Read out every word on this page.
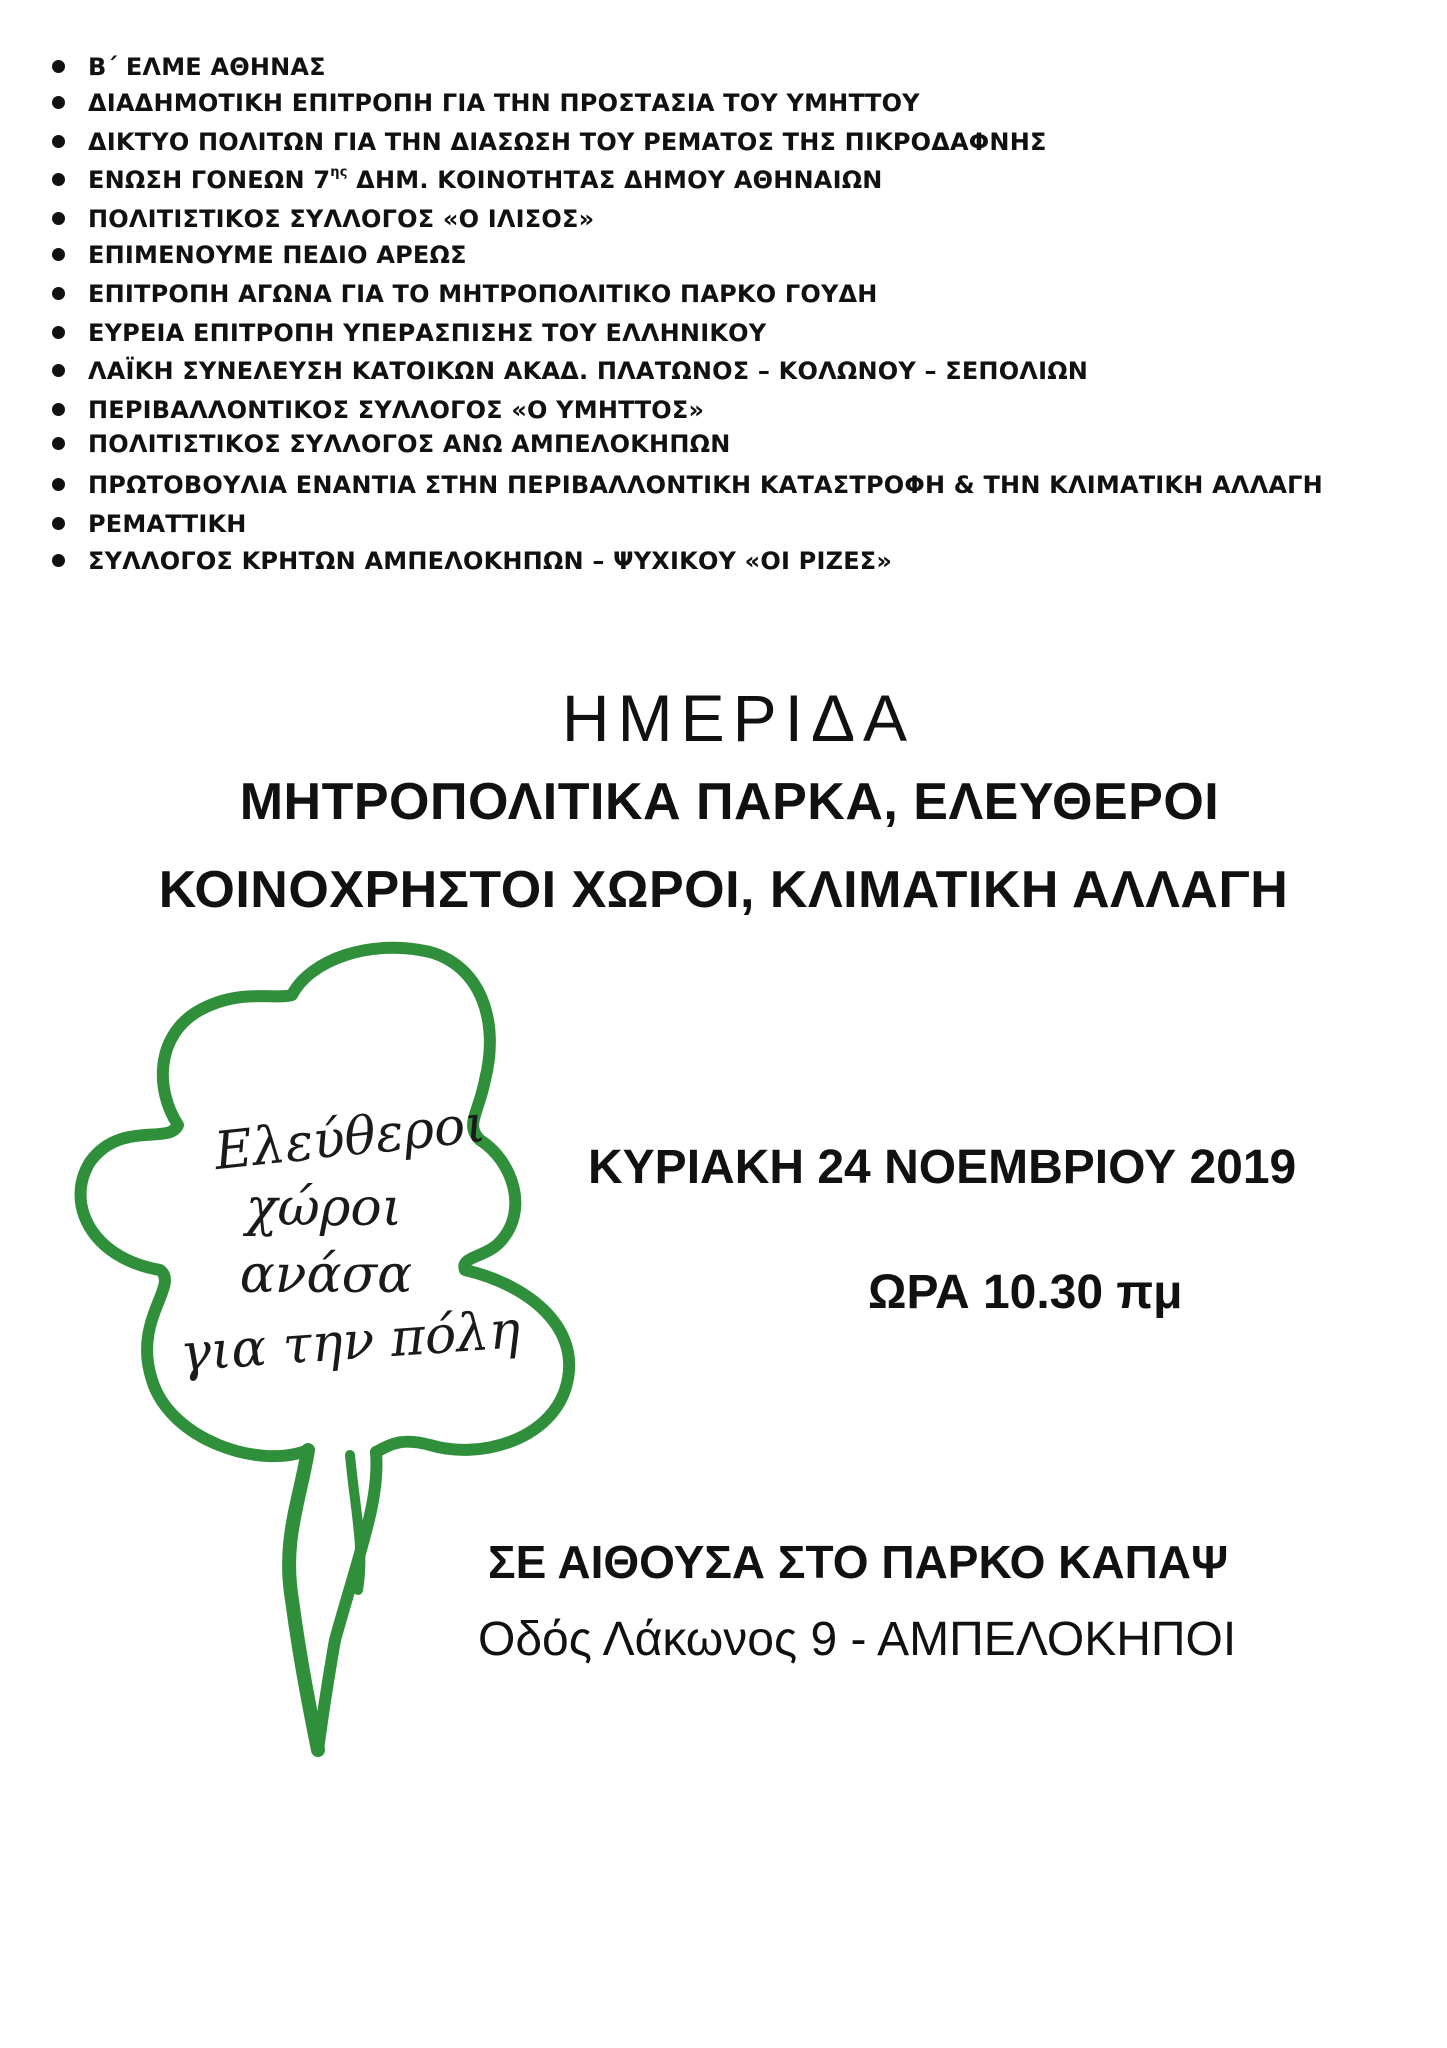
Β΄ ΕΛΜΕ ΑΘΗΝΑΣ
ΔΙΑΔΗΜΟΤΙΚΗ ΕΠΙΤΡΟΠΗ ΓΙΑ ΤΗΝ ΠΡΟΣΤΑΣΙΑ ΤΟΥ ΥΜΗΤΤΟΥ
ΔΙΚΤΥΟ ΠΟΛΙΤΩΝ ΓΙΑ ΤΗΝ ΔΙΑΣΩΣΗ ΤΟΥ ΡΕΜΑΤΟΣ ΤΗΣ ΠΙΚΡΟΔΑΦΝΗΣ
ΕΝΩΣΗ ΓΟΝΕΩΝ $7^{\eta\varsigma}$ ΔΗΜ. ΚΟΙΝΟΤΗΤΑΣ ΔΗΜΟΥ ΑΘΗΝΑΙΩΝ
ΠΟΛΙΤΙΣΤΙΚΟΣ ΣΥΛΛΟΓΟΣ «Ο ΙΛΙΣΟΣ»
ΕΠΙΜΕΝΟΥΜΕ ΠΕΔΙΟ ΑΡΕΩΣ
ΕΠΙΤΡΟΠΗ ΑΓΩΝΑ ΓΙΑ ΤΟ ΜΗΤΡΟΠΟΛΙΤΙΚΟ ΠΑΡΚΟ ΓΟΥΔΗ
ΕΥΡΕΙΑ ΕΠΙΤΡΟΠΗ ΥΠΕΡΑΣΠΙΣΗΣ ΤΟΥ ΕΛΛΗΝΙΚΟΥ
ΛΑΪΚΗ ΣΥΝΕΛΕΥΣΗ ΚΑΤΟΙΚΩΝ ΑΚΑΔ. ΠΛΑΤΩΝΟΣ – ΚΟΛΩΝΟΥ – ΣΕΠΟΛΙΩΝ
ΠΕΡΙΒΑΛΛΟΝΤΙΚΟΣ ΣΥΛΛΟΓΟΣ «Ο ΥΜΗΤΤΟΣ»
ΠΟΛΙΤΙΣΤΙΚΟΣ ΣΥΛΛΟΓΟΣ ΑΝΩ ΑΜΠΕΛΟΚΗΠΩΝ
ΠΡΩΤΟΒΟΥΛΙΑ ΕΝΑΝΤΙΑ ΣΤΗΝ ΠΕΡΙΒΑΛΛΟΝΤΙΚΗ ΚΑΤΑΣΤΡΟΦΗ & ΤΗΝ ΚΛΙΜΑΤΙΚΗ ΑΛΛΑΓΗ
ΡΕΜΑΤΤΙΚΗ
ΣΥΛΛΟΓΟΣ ΚΡΗΤΩΝ ΑΜΠΕΛΟΚΗΠΩΝ – ΨΥΧΙΚΟΥ «ΟΙ ΡΙΖΕΣ»
ΗΜΕΡΙΔΑ
ΜΗΤΡΟΠΟΛΙΤΙΚΑ ΠΑΡΚΑ, ΕΛΕΥΘΕΡΟΙ
ΚΟΙΝΟΧΡΗΣΤΟΙ ΧΩΡΟΙ, ΚΛΙΜΑΤΙΚΗ ΑΛΛΑΓΗ
Ελεύθεροι
χώροι
ανάσα
για την πόλη
ΚΥΡΙΑΚΗ 24 ΝΟΕΜΒΡΙΟΥ 2019
ΩΡΑ 10.30 πμ
ΣΕ ΑΙΘΟΥΣΑ ΣΤΟ ΠΑΡΚΟ ΚΑΠΑΨ
Οδός Λάκωνος 9 - ΑΜΠΕΛΟΚΗΠΟΙ
